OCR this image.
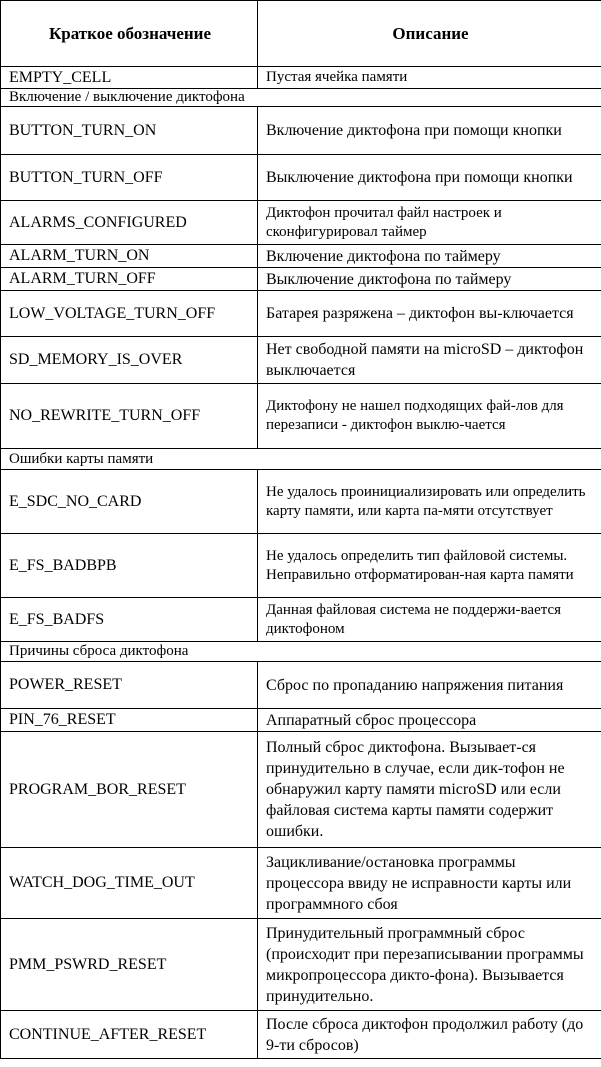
Краткое обозначение	Описание
EMPTY_CELL	Пустая ячейка памяти
Включение / выключение диктофона	
BUTTON_TURN_ON	Включение диктофона при помощи кнопки
BUTTON_TURN_OFF	Выключение диктофона при помощи кнопки
ALARMS_CONFIGURED	Диктофон прочитал файл настроек и сконфигурировал таймер
ALARM_TURN_ON	Включение диктофона по таймеру
ALARM_TURN_OFF	Выключение диктофона по таймеру
LOW_VOLTAGE_TURN_OFF	Батарея разряжена – диктофон вы-ключается
SD_MEMORY_IS_OVER	Нет свободной памяти на microSD – диктофон выключается
NO_REWRITE_TURN_OFF	Диктофону не нашел подходящих фай-лов для перезаписи - диктофон выклю-чается
Ошибки карты памяти	
E_SDC_NO_CARD	Не удалось проинициализировать или определить карту памяти, или карта па-мяти отсутствует
E_FS_BADBPB	Не удалось определить тип файловой системы. Неправильно отформатирован-ная карта памяти
E_FS_BADFS	Данная файловая система не поддержи-вается диктофоном
Причины сброса диктофона	
POWER_RESET	Сброс по пропаданию напряжения питания
PIN_76_RESET	Аппаратный сброс процессора
PROGRAM_BOR_RESET	Полный сброс диктофона. Вызывает-ся принудительно в случае, если дик-тофон не обнаружил карту памяти microSD или если файловая система карты памяти содержит ошибки.
WATCH_DOG_TIME_OUT	Зацикливание/остановка программы процессора ввиду не исправности карты или программного сбоя
PMM_PSWRD_RESET	Принудительный программный сброс (происходит при перезаписывании программы микропроцессора дикто-фона). Вызывается принудительно.
CONTINUE_AFTER_RESET	После сброса диктофон продолжил работу (до 9-ти сбросов)
